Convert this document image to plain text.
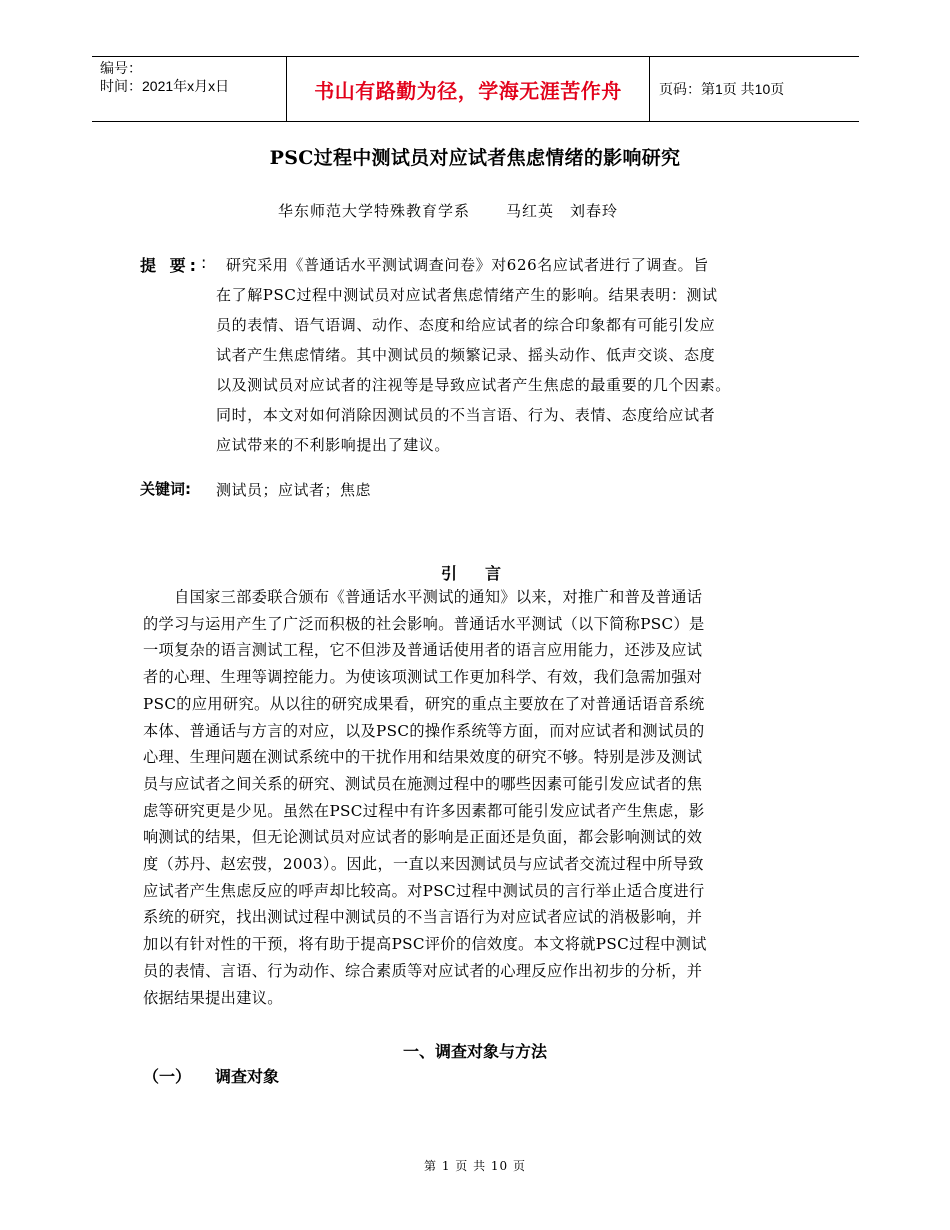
编号：
时间：2021年x月x日	书山有路勤为径，学海无涯苦作舟	页码：第1页 共10页
PSC过程中测试员对应试者焦虑情绪的影响研究
华东师范大学特殊教育学系 马红英　刘春玲
提 要: : 研究采用《普通话水平测试调查问卷》对626名应试者进行了调查。旨
在了解PSC过程中测试员对应试者焦虑情绪产生的影响。结果表明：测试
员的表情、语气语调、动作、态度和给应试者的综合印象都有可能引发应
试者产生焦虑情绪。其中测试员的频繁记录、摇头动作、低声交谈、态度
以及测试员对应试者的注视等是导致应试者产生焦虑的最重要的几个因素。
同时，本文对如何消除因测试员的不当言语、行为、表情、态度给应试者
应试带来的不利影响提出了建议。
关键词: 测试员；应试者；焦虑
引言
　　自国家三部委联合颁布《普通话水平测试的通知》以来，对推广和普及普通话
的学习与运用产生了广泛而积极的社会影响。普通话水平测试（以下简称PSC）是
一项复杂的语言测试工程，它不但涉及普通话使用者的语言应用能力，还涉及应试
者的心理、生理等调控能力。为使该项测试工作更加科学、有效，我们急需加强对
PSC的应用研究。从以往的研究成果看，研究的重点主要放在了对普通话语音系统
本体、普通话与方言的对应，以及PSC的操作系统等方面，而对应试者和测试员的
心理、生理问题在测试系统中的干扰作用和结果效度的研究不够。特别是涉及测试
员与应试者之间关系的研究、测试员在施测过程中的哪些因素可能引发应试者的焦
虑等研究更是少见。虽然在PSC过程中有许多因素都可能引发应试者产生焦虑，影
响测试的结果，但无论测试员对应试者的影响是正面还是负面，都会影响测试的效
度（苏丹、赵宏弢，2003）。因此，一直以来因测试员与应试者交流过程中所导致
应试者产生焦虑反应的呼声却比较高。对PSC过程中测试员的言行举止适合度进行
系统的研究，找出测试过程中测试员的不当言语行为对应试者应试的消极影响，并
加以有针对性的干预，将有助于提高PSC评价的信效度。本文将就PSC过程中测试
员的表情、言语、行为动作、综合素质等对应试者的心理反应作出初步的分析，并
依据结果提出建议。
一、调查对象与方法
（一） 调查对象
第 1 页 共 10 页
